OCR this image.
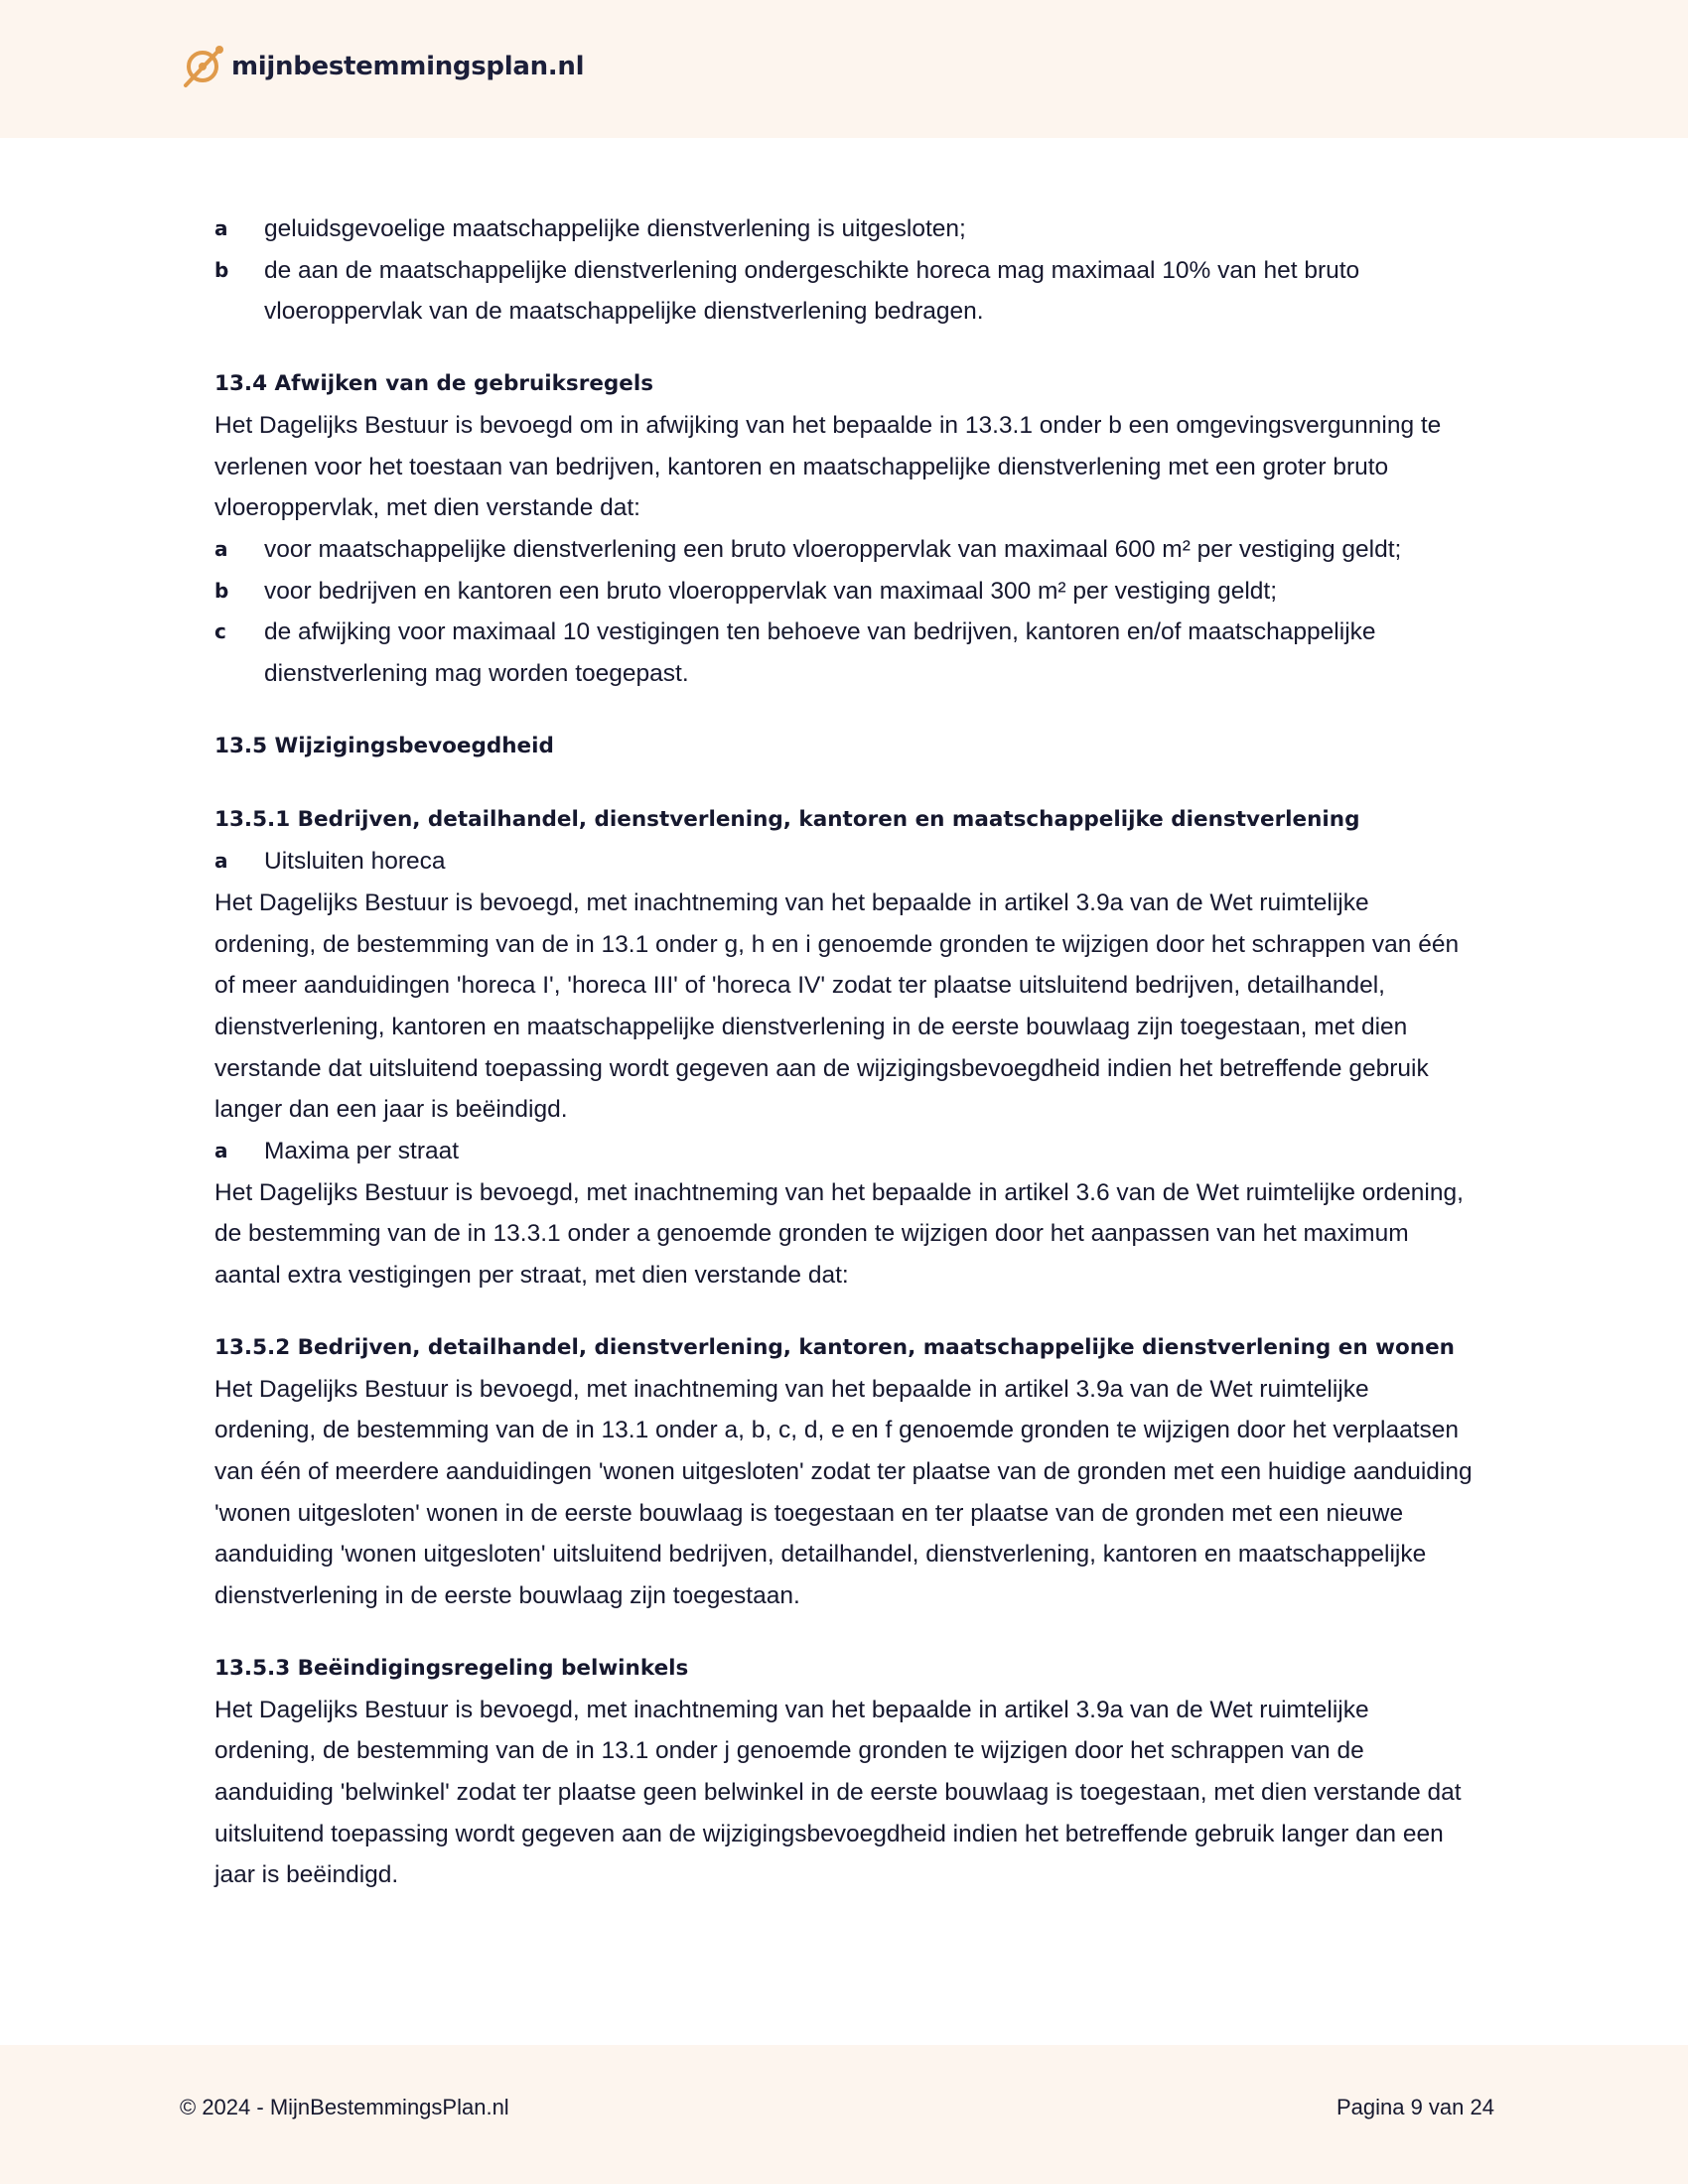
mijnbestemmingsplan.nl
a geluidsgevoelige maatschappelijke dienstverlening is uitgesloten;
b de aan de maatschappelijke dienstverlening ondergeschikte horeca mag maximaal 10% van het bruto vloeroppervlak van de maatschappelijke dienstverlening bedragen.
13.4 Afwijken van de gebruiksregels

Het Dagelijks Bestuur is bevoegd om in afwijking van het bepaalde in 13.3.1 onder b een omgevingsvergunning te verlenen voor het toestaan van bedrijven, kantoren en maatschappelijke dienstverlening met een groter bruto vloeroppervlak, met dien verstande dat:

a voor maatschappelijke dienstverlening een bruto vloeroppervlak van maximaal 600 m² per vestiging geldt;
b voor bedrijven en kantoren een bruto vloeroppervlak van maximaal 300 m² per vestiging geldt;
c de afwijking voor maximaal 10 vestigingen ten behoeve van bedrijven, kantoren en/of maatschappelijke dienstverlening mag worden toegepast.
13.5 Wijzigingsbevoegdheid
13.5.1 Bedrijven, detailhandel, dienstverlening, kantoren en maatschappelijke dienstverlening
a Uitsluiten horeca

Het Dagelijks Bestuur is bevoegd, met inachtneming van het bepaalde in artikel 3.9a van de Wet ruimtelijke ordening, de bestemming van de in 13.1 onder g, h en i genoemde gronden te wijzigen door het schrappen van één of meer aanduidingen 'horeca I', 'horeca III' of 'horeca IV' zodat ter plaatse uitsluitend bedrijven, detailhandel, dienstverlening, kantoren en maatschappelijke dienstverlening in de eerste bouwlaag zijn toegestaan, met dien verstande dat uitsluitend toepassing wordt gegeven aan de wijzigingsbevoegdheid indien het betreffende gebruik langer dan een jaar is beëindigd.

a Maxima per straat

Het Dagelijks Bestuur is bevoegd, met inachtneming van het bepaalde in artikel 3.6 van de Wet ruimtelijke ordening, de bestemming van de in 13.3.1 onder a genoemde gronden te wijzigen door het aanpassen van het maximum aantal extra vestigingen per straat, met dien verstande dat:

13.5.2 Bedrijven, detailhandel, dienstverlening, kantoren, maatschappelijke dienstverlening en wonen

Het Dagelijks Bestuur is bevoegd, met inachtneming van het bepaalde in artikel 3.9a van de Wet ruimtelijke ordening, de bestemming van de in 13.1 onder a, b, c, d, e en f genoemde gronden te wijzigen door het verplaatsen van één of meerdere aanduidingen 'wonen uitgesloten' zodat ter plaatse van de gronden met een huidige aanduiding 'wonen uitgesloten' wonen in de eerste bouwlaag is toegestaan en ter plaatse van de gronden met een nieuwe aanduiding 'wonen uitgesloten' uitsluitend bedrijven, detailhandel, dienstverlening, kantoren en maatschappelijke dienstverlening in de eerste bouwlaag zijn toegestaan.

13.5.3 Beëindigingsregeling belwinkels

Het Dagelijks Bestuur is bevoegd, met inachtneming van het bepaalde in artikel 3.9a van de Wet ruimtelijke ordening, de bestemming van de in 13.1 onder j genoemde gronden te wijzigen door het schrappen van de aanduiding 'belwinkel' zodat ter plaatse geen belwinkel in de eerste bouwlaag is toegestaan, met dien verstande dat uitsluitend toepassing wordt gegeven aan de wijzigingsbevoegdheid indien het betreffende gebruik langer dan een jaar is beëindigd.

© 2024 - MijnBestemmingsPlan.nl	Pagina 9 van 24
